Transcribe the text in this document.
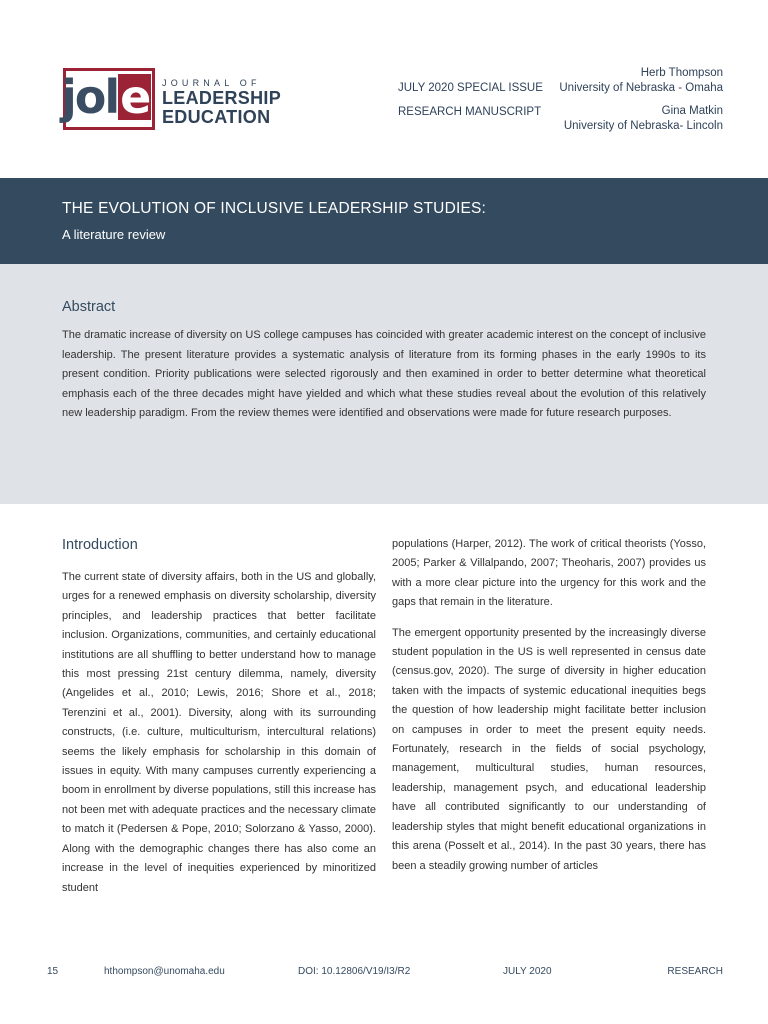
jole JOURNAL OF
LEADERSHIP
EDUCATION
JULY 2020 SPECIAL ISSUE
RESEARCH MANUSCRIPT
Herb Thompson
University of Nebraska - Omaha
Gina Matkin
University of Nebraska- Lincoln
THE EVOLUTION OF INCLUSIVE LEADERSHIP STUDIES:
A literature review
Abstract
The dramatic increase of diversity on US college campuses has coincided with greater academic interest on the concept of inclusive leadership. The present literature provides a systematic analysis of literature from its forming phases in the early 1990s to its present condition. Priority publications were selected rigorously and then examined in order to better determine what theoretical emphasis each of the three decades might have yielded and which what these studies reveal about the evolution of this relatively new leadership paradigm. From the review themes were identified and observations were made for future research purposes.
Introduction

The current state of diversity affairs, both in the US and globally, urges for a renewed emphasis on diversity scholarship, diversity principles, and leadership practices that better facilitate inclusion. Organizations, communities, and certainly educational institutions are all shuffling to better understand how to manage this most pressing 21st century dilemma, namely, diversity (Angelides et al., 2010; Lewis, 2016; Shore et al., 2018; Terenzini et al., 2001). Diversity, along with its surrounding constructs, (i.e. culture, multiculturism, intercultural relations) seems the likely emphasis for scholarship in this domain of issues in equity. With many campuses currently experiencing a boom in enrollment by diverse populations, still this increase has not been met with adequate practices and the necessary climate to match it (Pedersen & Pope, 2010; Solorzano & Yasso, 2000). Along with the demographic changes there has also come an increase in the level of inequities experienced by minoritized student

populations (Harper, 2012). The work of critical theorists (Yosso, 2005; Parker & Villalpando, 2007; Theoharis, 2007) provides us with a more clear picture into the urgency for this work and the gaps that remain in the literature.

The emergent opportunity presented by the increasingly diverse student population in the US is well represented in census date (census.gov, 2020). The surge of diversity in higher education taken with the impacts of systemic educational inequities begs the question of how leadership might facilitate better inclusion on campuses in order to meet the present equity needs. Fortunately, research in the fields of social psychology, management, multicultural studies, human resources, leadership, management psych, and educational leadership have all contributed significantly to our understanding of leadership styles that might benefit educational organizations in this arena (Posselt et al., 2014). In the past 30 years, there has been a steadily growing number of articles

15	hthompson@unomaha.edu	DOI: 10.12806/V19/I3/R2	JULY 2020	RESEARCH
